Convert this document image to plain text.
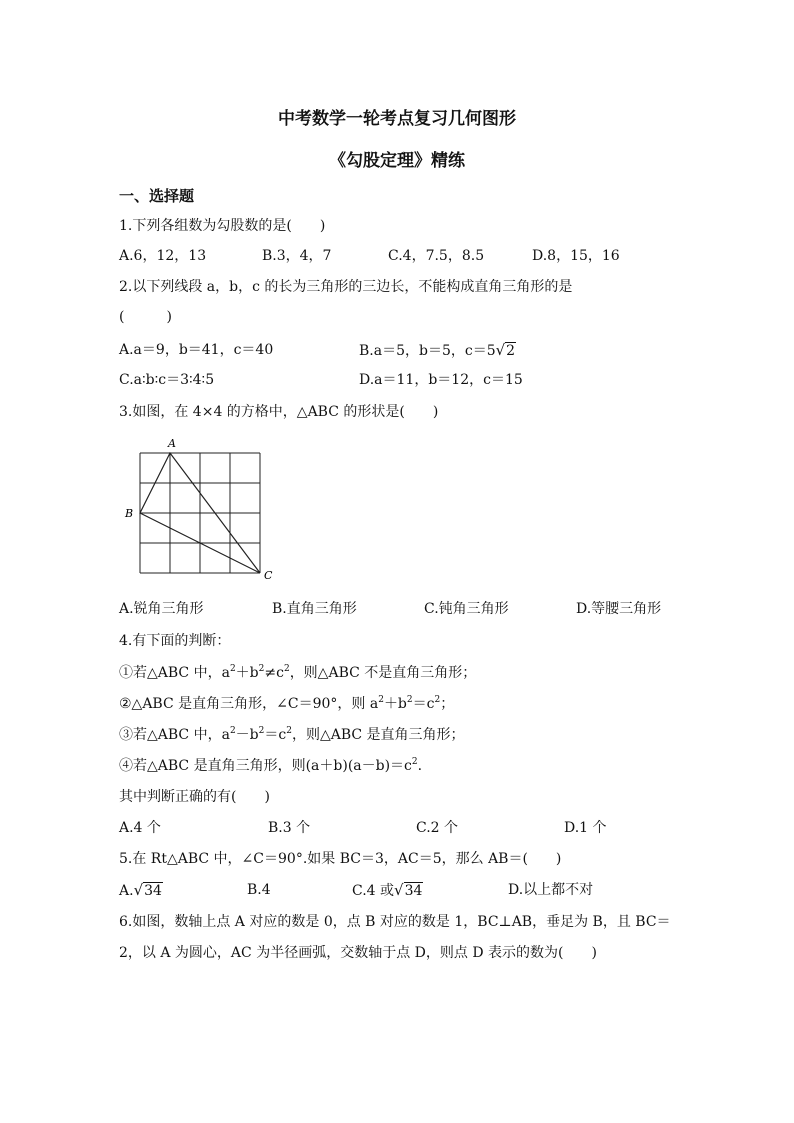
中考数学一轮考点复习几何图形
《勾股定理》精练
一、选择题
1.下列各组数为勾股数的是(　　)
A.6，12，13	B.3，4，7	C.4，7.5，8.5	D.8，15，16
2.以下列线段 a，b，c 的长为三角形的三边长，不能构成直角三角形的是
(　　　)
A.a＝9，b＝41，c＝40	B.a＝5，b＝5，c＝5√2
C.a∶b∶c＝3∶4∶5	D.a＝11，b＝12，c＝15
3.如图，在 4×4 的方格中，△ABC 的形状是(　　)
A
B
C
A.锐角三角形	B.直角三角形	C.钝角三角形	D.等腰三角形
4.有下面的判断：
①若△ABC 中，$a^2+b^2\ne c^2$，则△ABC 不是直角三角形；
②△ABC 是直角三角形，∠C＝90°，则 $a^2+b^2=c^2$；
③若△ABC 中，$a^2-b^2=c^2$，则△ABC 是直角三角形；
④若△ABC 是直角三角形，则$(a+b)(a-b)=c^2$.
其中判断正确的有(　　)
A.4 个	B.3 个	C.2 个	D.1 个
5.在 Rt△ABC 中，∠C＝90°.如果 BC＝3，AC＝5，那么 AB＝(　　)
A.√34	B.4	C.4 或√34	D.以上都不对
6.如图，数轴上点 A 对应的数是 0，点 B 对应的数是 1，BC⊥AB，垂足为 B，且 BC＝
2，以 A 为圆心，AC 为半径画弧，交数轴于点 D，则点 D 表示的数为(　　)
